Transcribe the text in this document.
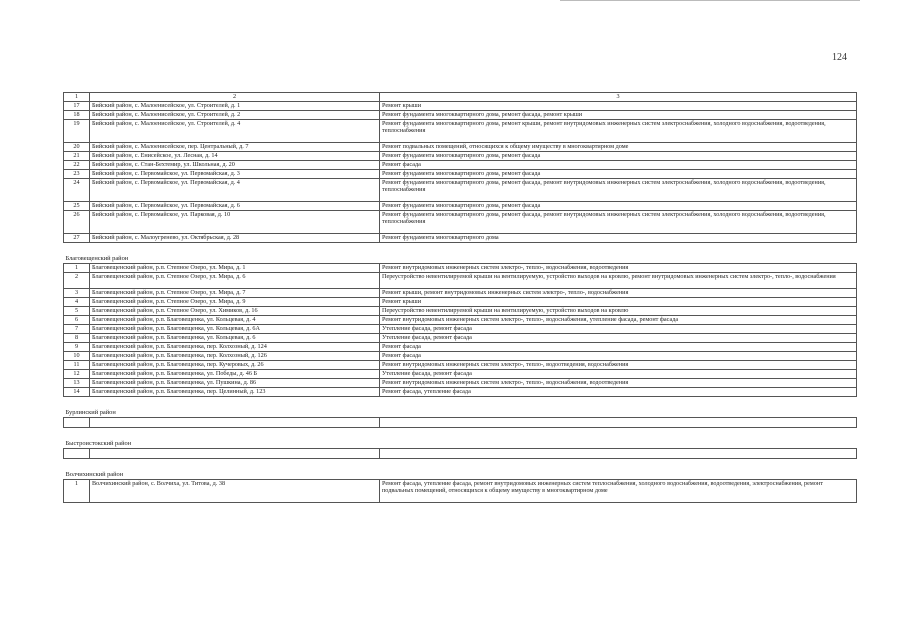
124
1	2	3
17	Бийский район, с. Малоенисейское, ул. Строителей, д. 1	Ремонт крыши
18	Бийский район, с. Малоенисейское, ул. Строителей, д. 2	Ремонт фундамента многоквартирного дома, ремонт фасада, ремонт крыши
19	Бийский район, с. Малоенисейское, ул. Строителей, д. 4	Ремонт фундамента многоквартирного дома, ремонт крыши, ремонт внутридомовых инженерных систем электроснабжения, холодного водоснабжения, водоотведения, теплоснабжения
20	Бийский район, с. Малоенисейское, пер. Центральный, д. 7	Ремонт подвальных помещений, относящихся к общему имуществу в многоквартирном доме
21	Бийский район, с. Енисейское, ул. Лесная, д. 14	Ремонт фундамента многоквартирного дома, ремонт фасада
22	Бийский район, с. Стан-Бехтемир, ул. Школьная, д. 20	Ремонт фасада
23	Бийский район, с. Первомайское, ул. Первомайская, д. 3	Ремонт фундамента многоквартирного дома, ремонт фасада
24	Бийский район, с. Первомайское, ул. Первомайская, д. 4	Ремонт фундамента многоквартирного дома, ремонт фасада, ремонт внутридомовых инженерных систем электроснабжения, холодного водоснабжения, водоотведения, теплоснабжения
25	Бийский район, с. Первомайское, ул. Первомайская, д. 6	Ремонт фундамента многоквартирного дома, ремонт фасада
26	Бийский район, с. Первомайское, ул. Парковая, д. 10	Ремонт фундамента многоквартирного дома, ремонт фасада, ремонт внутридомовых инженерных систем электроснабжения, холодного водоснабжения, водоотведения, теплоснабжения
27	Бийский район, с. Малоугренево, ул. Октябрьская, д. 28	Ремонт фундамента многоквартирного дома
Благовещенский район		
1	Благовещенский район, р.п. Степное Озеро, ул. Мира, д. 1	Ремонт внутридомовых инженерных систем электро-, тепло-, водоснабжения, водоотведения
2	Благовещенский район, р.п. Степное Озеро, ул. Мира, д. 6	Переустройство невентилируемой крыши на вентилируемую, устройство выходов на кровлю, ремонт внутридомовых инженерных систем электро-, тепло-, водоснабжения
3	Благовещенский район, р.п. Степное Озеро, ул. Мира, д. 7	Ремонт крыши, ремонт внутридомовых инженерных систем электро-, тепло-, водоснабжения
4	Благовещенский район, р.п. Степное Озеро, ул. Мира, д. 9	Ремонт крыши
5	Благовещенский район, р.п. Степное Озеро, ул. Химиков, д. 16	Переустройство невентилируемой крыши на вентилируемую, устройство выходов на кровлю
6	Благовещенский район, р.п. Благовещенка, ул. Кольцевая, д. 4	Ремонт внутридомовых инженерных систем электро-, тепло-, водоснабжения, утепление фасада, ремонт фасада
7	Благовещенский район, р.п. Благовещенка, ул. Кольцевая, д. 6А	Утепление фасада, ремонт фасада
8	Благовещенский район, р.п. Благовещенка, ул. Кольцевая, д. 6	Утепление фасада, ремонт фасада
9	Благовещенский район, р.п. Благовещенка, пер. Колхозный, д. 124	Ремонт фасада
10	Благовещенский район, р.п. Благовещенка, пер. Колхозный, д. 126	Ремонт фасада
11	Благовещенский район, р.п. Благовещенка, пер. Кучеровых, д. 26	Ремонт внутридомовых инженерных систем электро-, тепло-, водоотведения, водоснабжения
12	Благовещенский район, р.п. Благовещенка, ул. Победы, д. 46 Б	Утепление фасада, ремонт фасада
13	Благовещенский район, р.п. Благовещенка, ул. Пушкина, д. 86	Ремонт внутридомовых инженерных систем электро-, тепло-, водоснабжения, водоотведения
14	Благовещенский район, р.п. Благовещенка, пер. Целинный, д. 123	Ремонт фасада, утепление фасада
Бурлинский район		

Быстроистокский район		

Волчихинский район		
1	Волчихинский район, с. Волчиха, ул. Титова, д. 38	Ремонт фасада, утепление фасада, ремонт внутридомовых инженерных систем теплоснабжения, холодного водоснабжения, водоотведения, электроснабжения, ремонт подвальных помещений, относящихся к общему имуществу в многоквартирном доме
